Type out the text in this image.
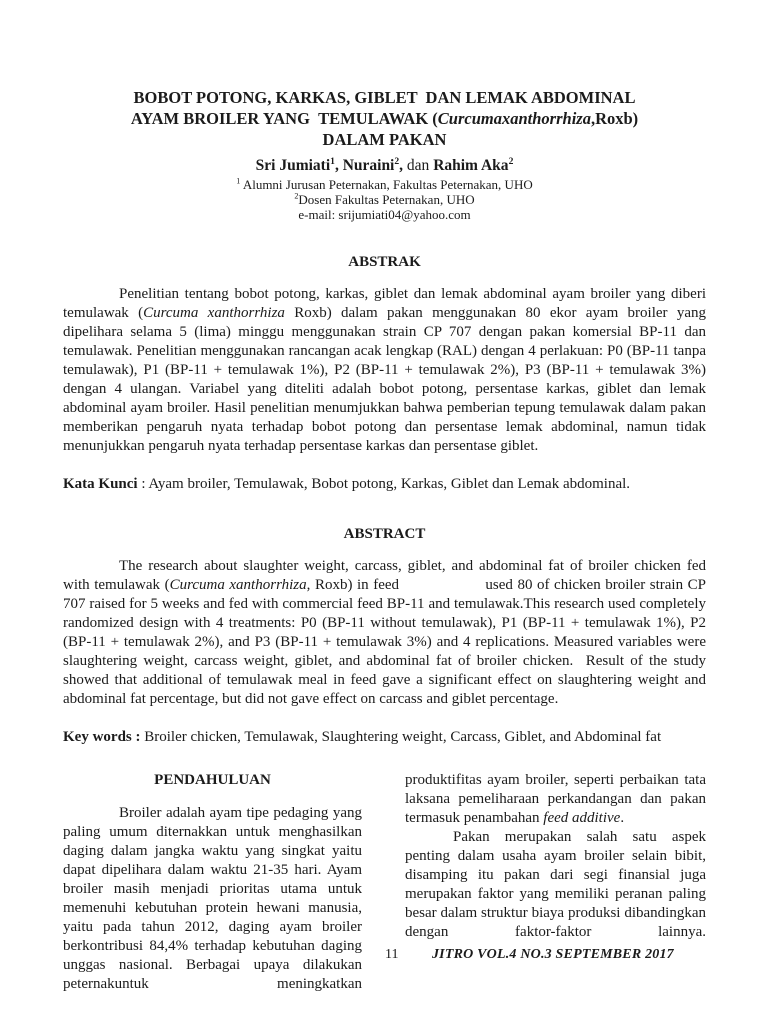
BOBOT POTONG, KARKAS, GIBLET  DAN LEMAK ABDOMINAL
AYAM BROILER YANG  TEMULAWAK (Curcumaxanthorrhiza,Roxb)
DALAM PAKAN
Sri Jumiati$^1$, Nuraini$^2$, dan Rahim Aka$^2$
$^1$ Alumni Jurusan Peternakan, Fakultas Peternakan, UHO
$^2$Dosen Fakultas Peternakan, UHO
e-mail: srijumiati04@yahoo.com
ABSTRAK

Penelitian tentang bobot potong, karkas, giblet dan lemak abdominal ayam broiler yang diberi temulawak (Curcuma xanthorrhiza Roxb) dalam pakan menggunakan 80 ekor ayam broiler yang dipelihara selama 5 (lima) minggu menggunakan strain CP 707 dengan pakan komersial BP-11 dan temulawak. Penelitian menggunakan rancangan acak lengkap (RAL) dengan 4 perlakuan: P0 (BP-11 tanpa temulawak), P1 (BP-11 + temulawak 1%), P2 (BP-11 + temulawak 2%), P3 (BP-11 + temulawak 3%) dengan 4 ulangan. Variabel yang diteliti adalah bobot potong, persentase karkas, giblet dan lemak abdominal ayam broiler. Hasil penelitian menumjukkan bahwa pemberian tepung temulawak dalam pakan memberikan pengaruh nyata terhadap bobot potong dan persentase lemak abdominal, namun tidak menunjukkan pengaruh nyata terhadap persentase karkas dan persentase giblet.

Kata Kunci : Ayam broiler, Temulawak, Bobot potong, Karkas, Giblet dan Lemak abdominal.

ABSTRACT

The research about slaughter weight, carcass, giblet, and abdominal fat of broiler chicken fed with temulawak (Curcuma xanthorrhiza, Roxb) in feed                   used 80 of chicken broiler strain CP 707 raised for 5 weeks and fed with commercial feed BP-11 and temulawak.This research used completely randomized design with 4 treatments: P0 (BP-11 without temulawak), P1 (BP-11 + temulawak 1%), P2 (BP-11 + temulawak 2%), and P3 (BP-11 + temulawak 3%) and 4 replications. Measured variables were slaughtering weight, carcass weight, giblet, and abdominal fat of broiler chicken.  Result of the study showed that additional of temulawak meal in feed gave a significant effect on slaughtering weight and abdominal fat percentage, but did not gave effect on carcass and giblet percentage.

Key words : Broiler chicken, Temulawak, Slaughtering weight, Carcass, Giblet, and Abdominal fat

PENDAHULUAN

Broiler adalah ayam tipe pedaging yang paling umum diternakkan untuk menghasilkan daging dalam jangka waktu yang singkat yaitu dapat dipelihara dalam waktu 21-35 hari. Ayam broiler masih menjadi prioritas utama untuk memenuhi kebutuhan protein hewani manusia, yaitu pada tahun 2012, daging ayam broiler berkontribusi 84,4% terhadap kebutuhan daging unggas nasional. Berbagai upaya dilakukan peternakuntuk meningkatkan

produktifitas ayam broiler, seperti perbaikan tata laksana pemeliharaan perkandangan dan pakan termasuk penambahan feed additive.

Pakan merupakan salah satu aspek penting dalam usaha ayam broiler selain bibit, disamping itu pakan dari segi finansial juga merupakan faktor yang memiliki peranan paling besar dalam struktur biaya produksi dibandingkan dengan faktor-faktor lainnya.

11 JITRO VOL.4 NO.3 SEPTEMBER 2017
